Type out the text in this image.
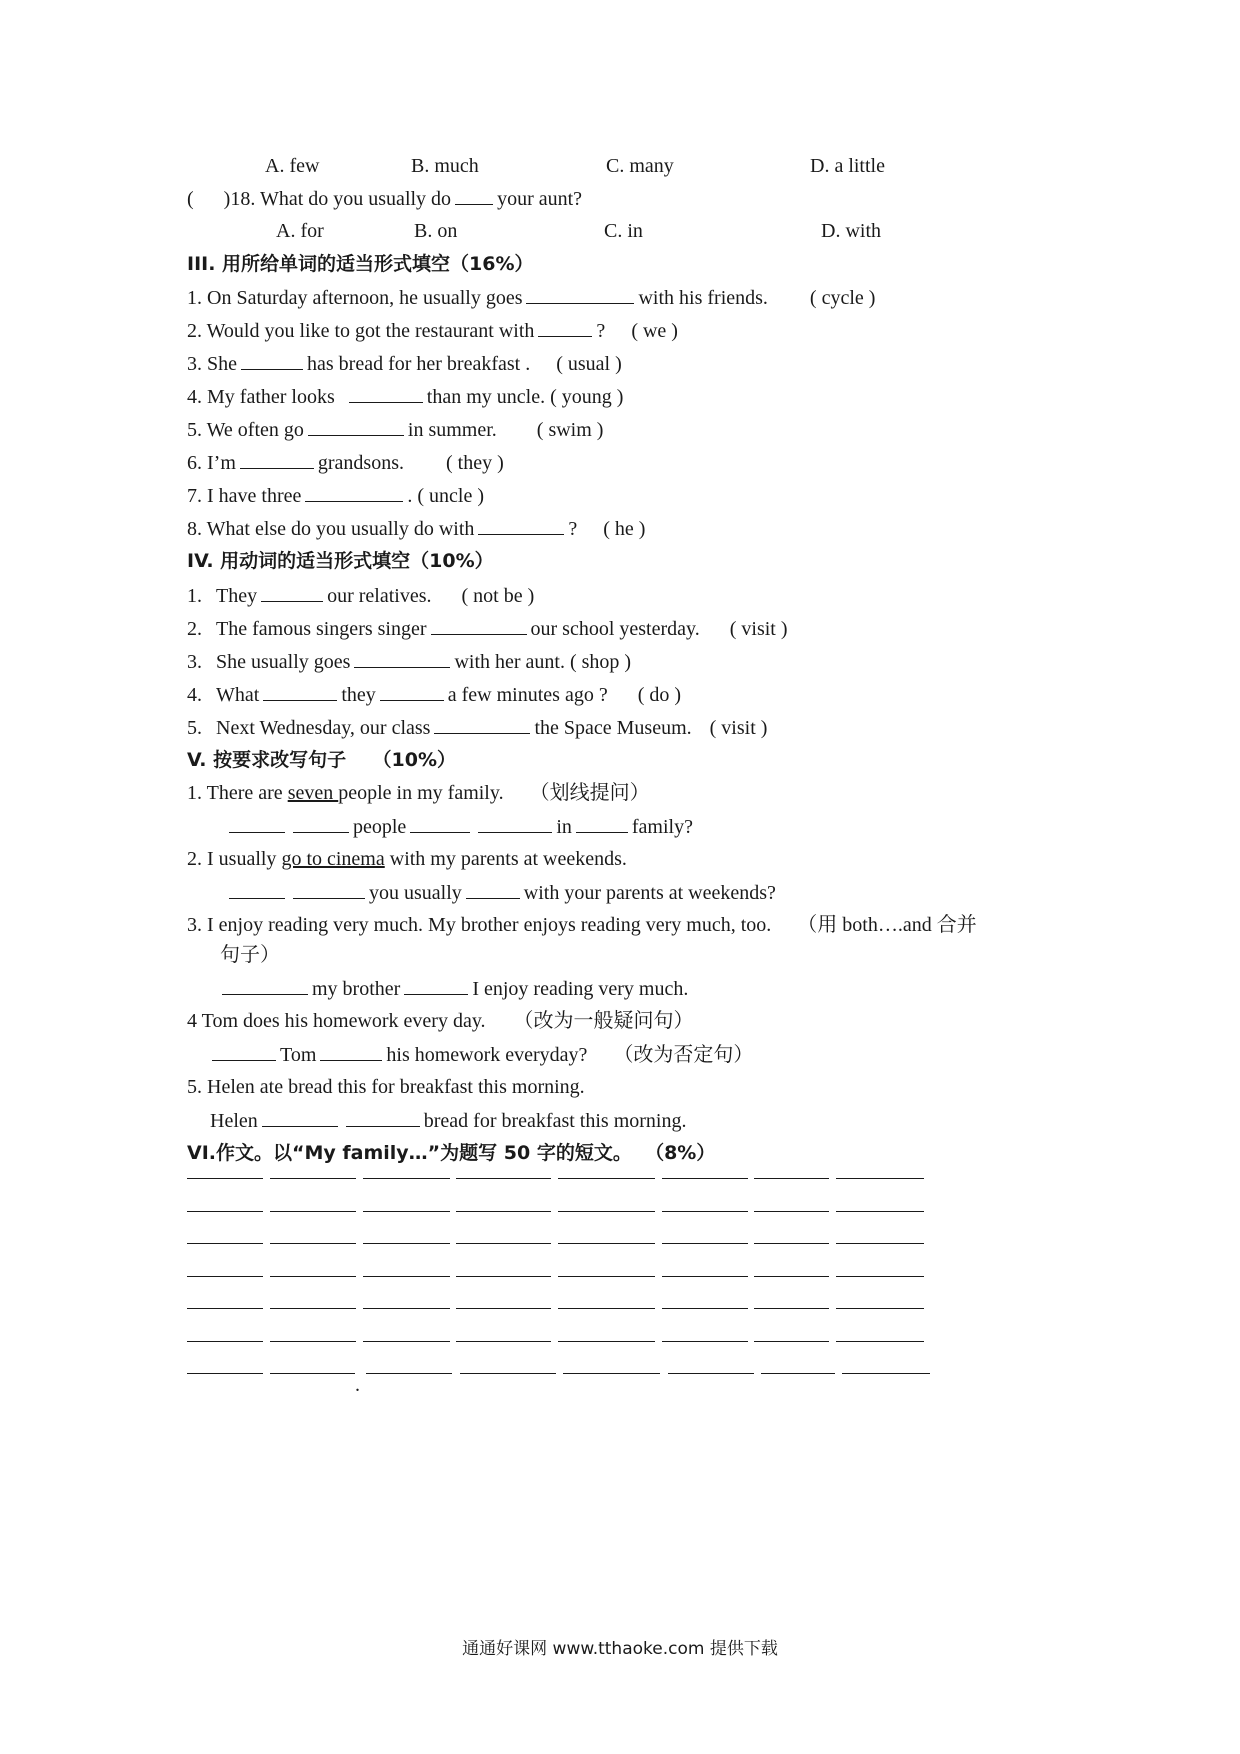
A. few	B. much	C. many	D. a little
(      )18. What do you usually do your aunt?
A. for	B. on	C. in	D. with
III. 用所给单词的适当形式填空（16%）
1. On Saturday afternoon, he usually goes	with his friends. ( cycle )
2. Would you like to got the restaurant with	? ( we )
3. She	has bread for her breakfast . ( usual )
4. My father looks	than my uncle. ( young )
5. We often go	in summer. ( swim )
6. I’m	grandsons. ( they )
7. I have three	. ( uncle )
8. What else do you usually do with	? ( he )
IV. 用动词的适当形式填空（10%）
1. They	our relatives. ( not be )
2. The famous singers singer	our school yesterday. ( visit )
3. She usually goes	with her aunt. ( shop )
4. What	they	a few minutes ago ? ( do )
5. Next Wednesday, our class	the Space Museum. ( visit )
V. 按要求改写句子    （10%）
1. There are seven people in my family. （划线提问）
people	in	family?
2. I usually go to cinema with my parents at weekends.
you usually	with your parents at weekends?
3. I enjoy reading very much. My brother enjoys reading very much, too. （用 both….and 合并
句子）
my brother	I enjoy reading very much.
4 Tom does his homework every day. （改为一般疑问句）
Tom	his homework everyday? （改为否定句）
5. Helen ate bread this for breakfast this morning.
Helen	bread for breakfast this morning.
VI.作文。以“My family…”为题写 50 字的短文。  （8%）
.
通通好课网 www.tthaoke.com 提供下载
